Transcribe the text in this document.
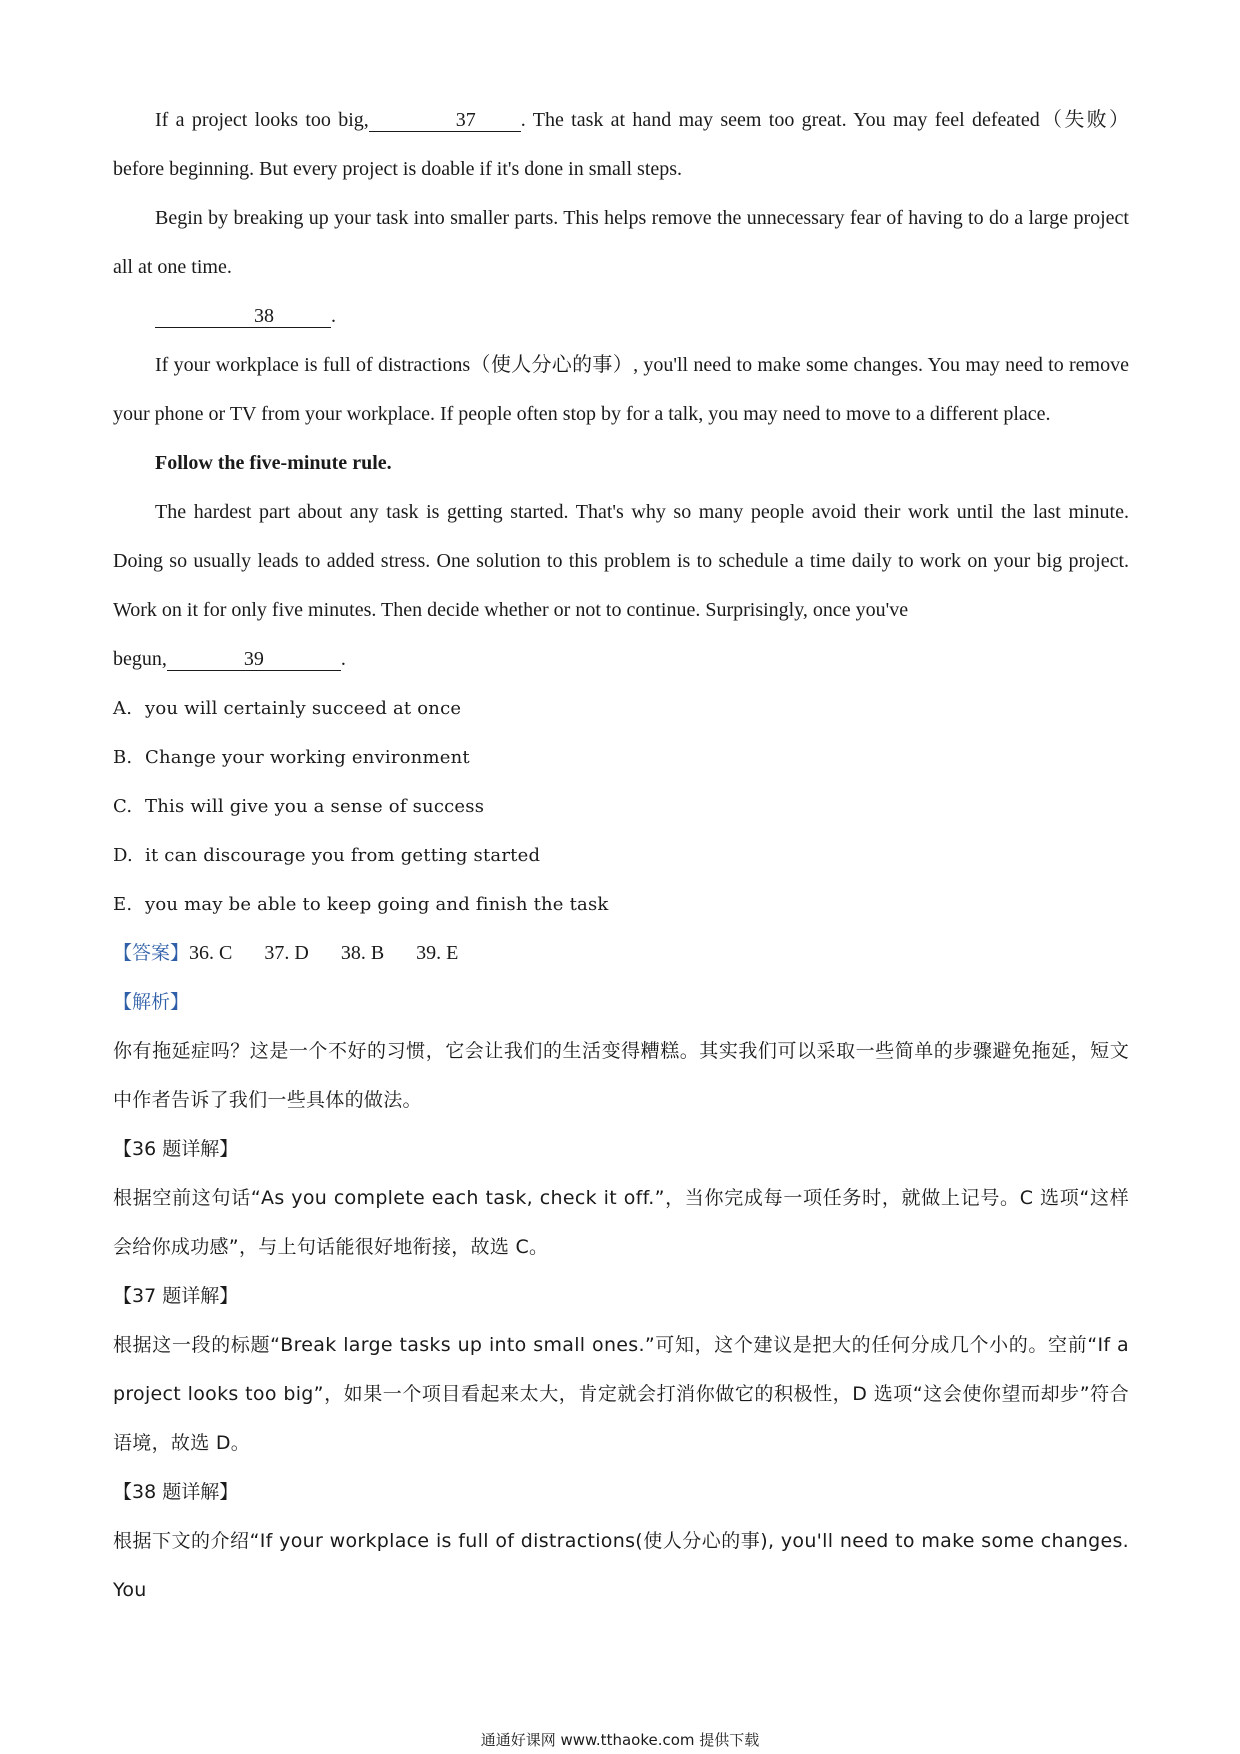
If a project looks too big,	37 . The task at hand may seem too great. You may feel defeated（失败） before beginning. But every project is doable if it's done in small steps.

Begin by breaking up your task into smaller parts. This helps remove the unnecessary fear of having to do a large project all at one time.

38	.

If your workplace is full of distractions（使人分心的事）, you'll need to make some changes. You may need to remove your phone or TV from your workplace. If people often stop by for a talk, you may need to move to a different place.

Follow the five-minute rule.

The hardest part about any task is getting started. That's why so many people avoid their work until the last minute. Doing so usually leads to added stress. One solution to this problem is to schedule a time daily to work on your big project. Work on it for only five minutes. Then decide whether or not to continue. Surprisingly, once you've

begun,	39	.

A. you will certainly succeed at once

B. Change your working environment

C. This will give you a sense of success

D. it can discourage you from getting started

E. you may be able to keep going and finish the task

【答案】36. C 37. D 38. B 39. E

【解析】

你有拖延症吗？这是一个不好的习惯，它会让我们的生活变得糟糕。其实我们可以采取一些简单的步骤避免拖延，短文中作者告诉了我们一些具体的做法。

【36 题详解】

根据空前这句话“As you complete each task, check it off.”，当你完成每一项任务时，就做上记号。C 选项“这样会给你成功感”，与上句话能很好地衔接，故选 C。

【37 题详解】

根据这一段的标题“Break large tasks up into small ones.”可知，这个建议是把大的任何分成几个小的。空前“If a project looks too big”，如果一个项目看起来太大，肯定就会打消你做它的积极性，D 选项“这会使你望而却步”符合语境，故选 D。

【38 题详解】

根据下文的介绍“If your workplace is full of distractions(使人分心的事), you'll need to make some changes. You

通通好课网 www.tthaoke.com 提供下载
